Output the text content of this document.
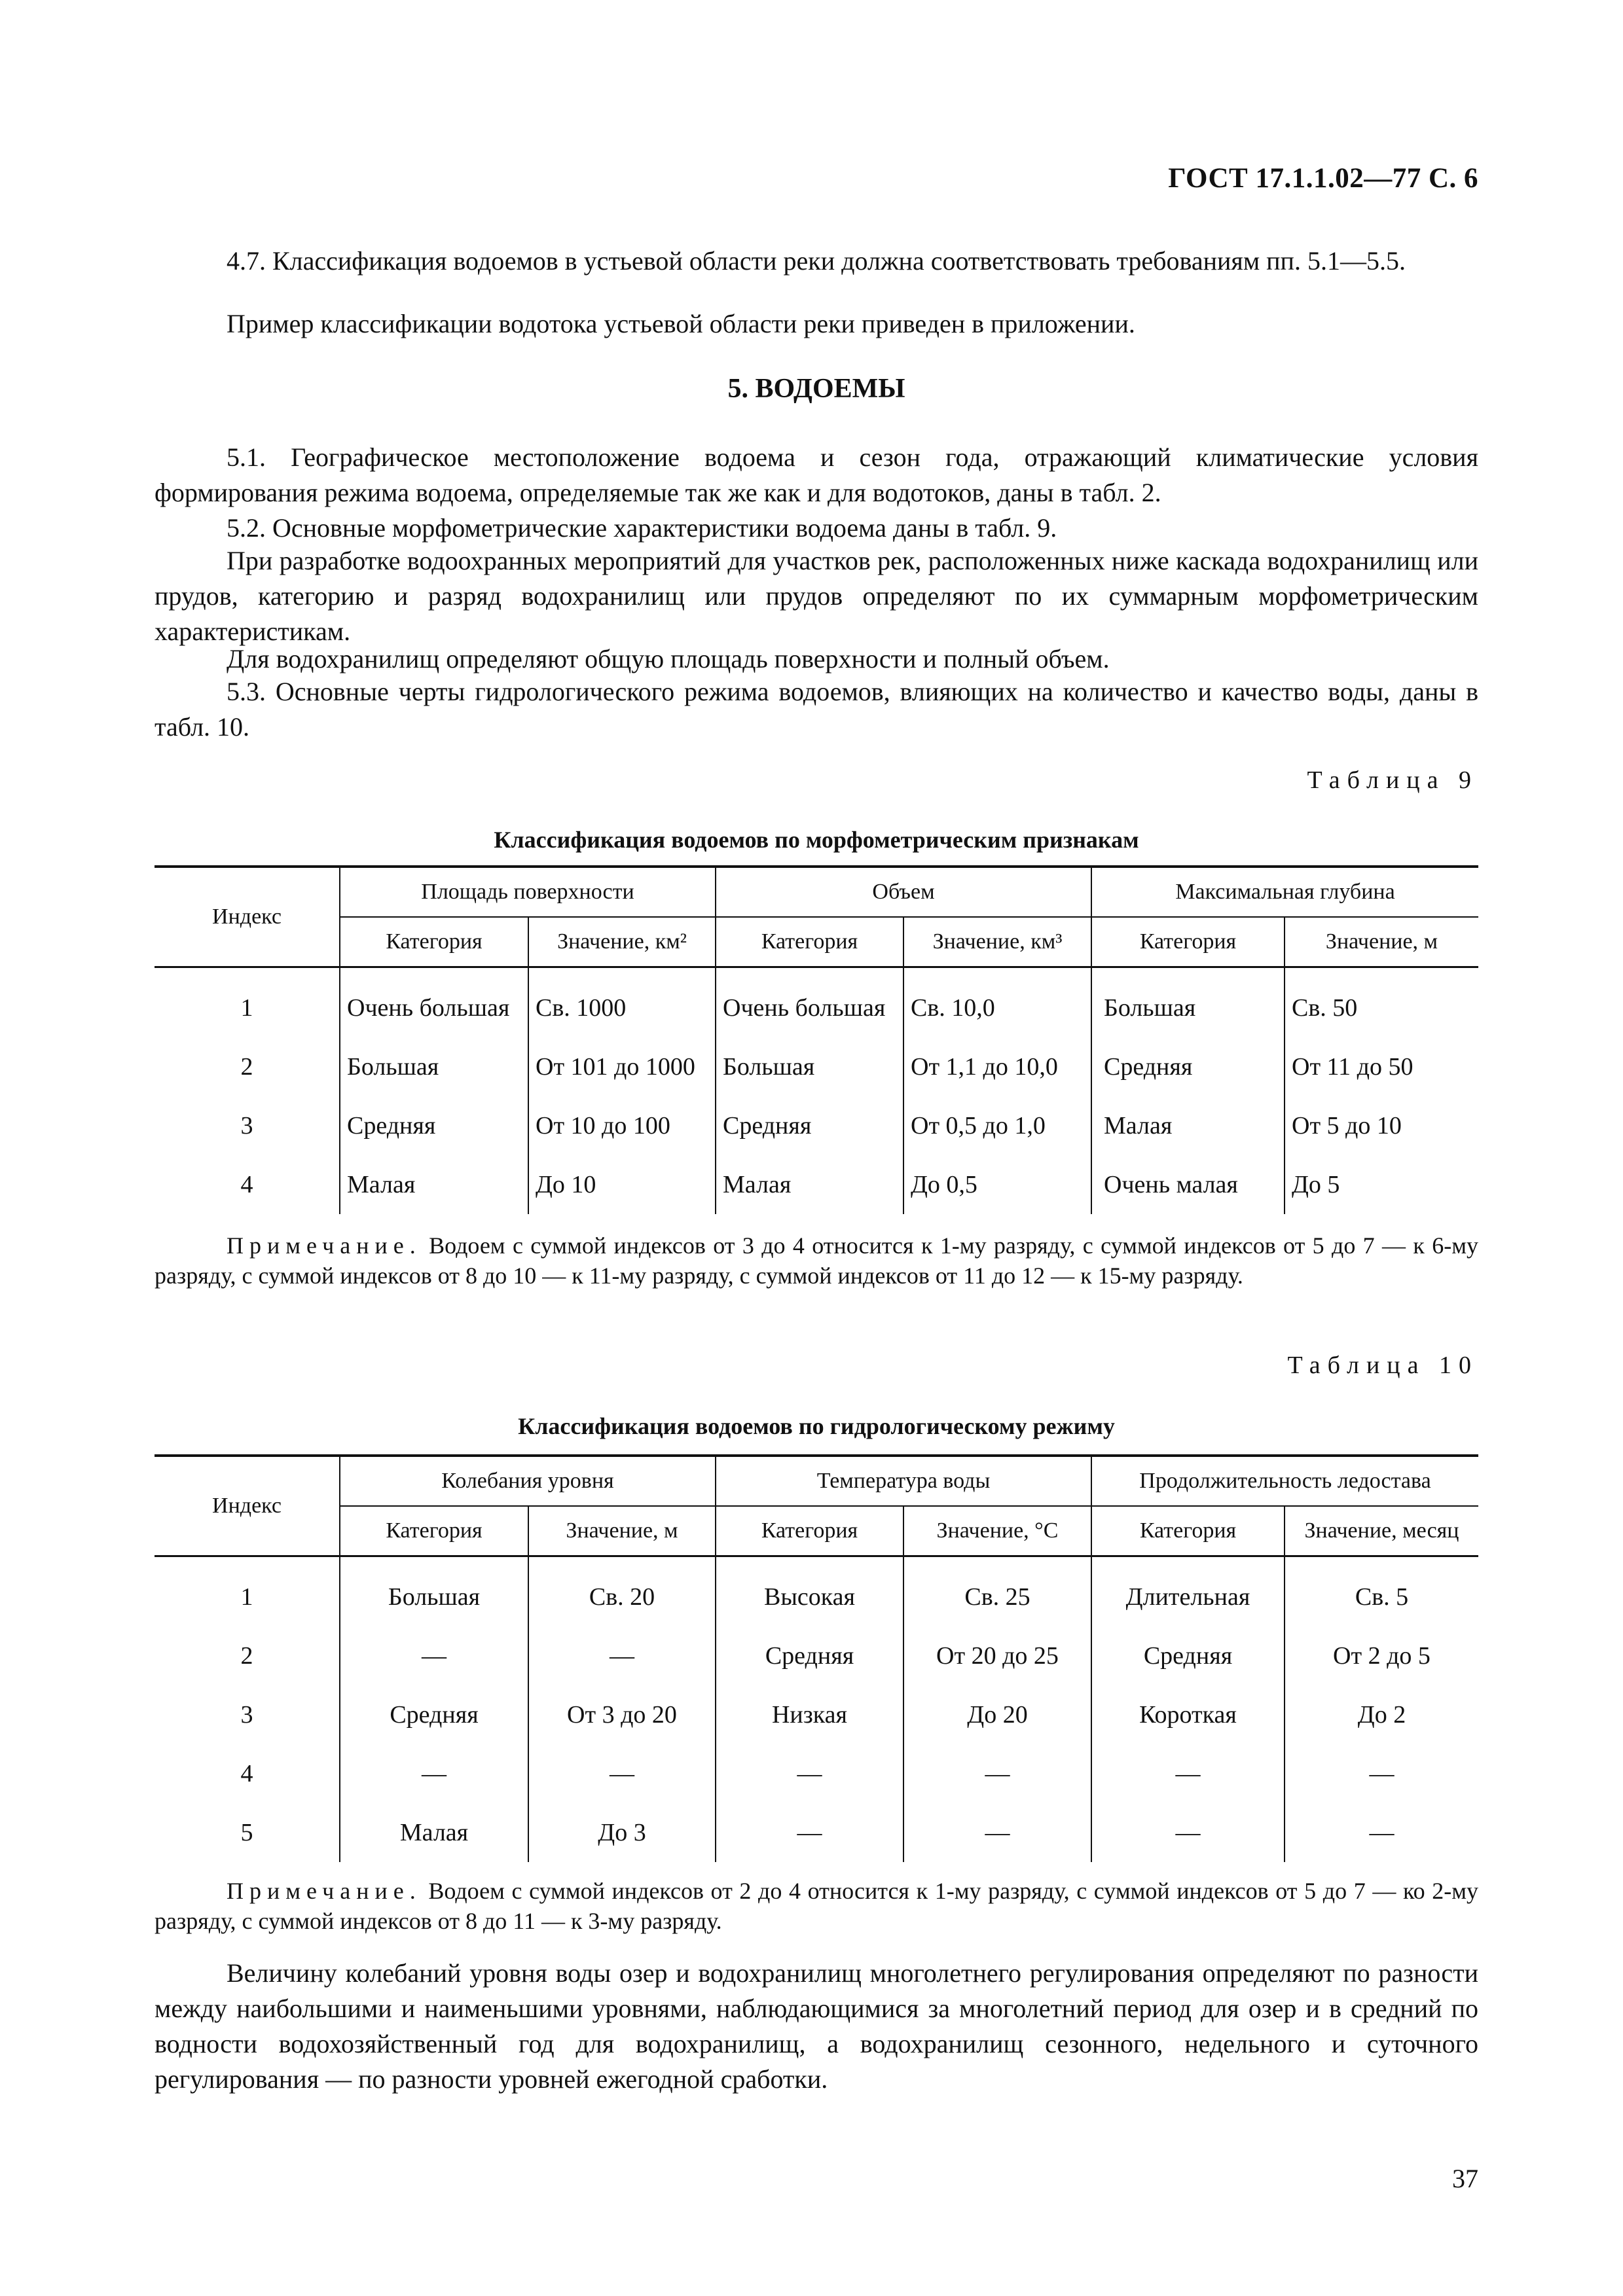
ГОСТ 17.1.1.02—77 С. 6
4.7. Классификация водоемов в устьевой области реки должна соответствовать требованиям пп. 5.1—5.5.
Пример классификации водотока устьевой области реки приведен в приложении.
5. ВОДОЕМЫ
5.1. Географическое местоположение водоема и сезон года, отражающий климатические условия формирования режима водоема, определяемые так же как и для водотоков, даны в табл. 2.
5.2. Основные морфометрические характеристики водоема даны в табл. 9.
При разработке водоохранных мероприятий для участков рек, расположенных ниже каскада водохранилищ или прудов, категорию и разряд водохранилищ или прудов определяют по их суммарным морфометрическим характеристикам.
Для водохранилищ определяют общую площадь поверхности и полный объем.
5.3. Основные черты гидрологического режима водоемов, влияющих на количество и качество воды, даны в табл. 10.
Таблица 9
Классификация водоемов по морфометрическим признакам
Индекс	Площадь поверхности		Объем		Максимальная глубина	
	Категория	Значение, км²	Категория	Значение, км³	Категория	Значение, м
1	Очень большая	Св. 1000	Очень большая	Св. 10,0	Большая	Св. 50
2	Большая	От 101 до 1000	Большая	От 1,1 до 10,0	Средняя	От 11 до 50
3	Средняя	От 10 до 100	Средняя	От 0,5 до 1,0	Малая	От 5 до 10
4	Малая	До 10	Малая	До 0,5	Очень малая	До 5
Примечание. Водоем с суммой индексов от 3 до 4 относится к 1-му разряду, с суммой индексов от 5 до 7 — к 6-му разряду, с суммой индексов от 8 до 10 — к 11-му разряду, с суммой индексов от 11 до 12 — к 15-му разряду.
Таблица 10
Классификация водоемов по гидрологическому режиму
Индекс	Колебания уровня		Температура воды		Продолжительность ледостава	
	Категория	Значение, м	Категория	Значение, °С	Категория	Значение, месяц
1	Большая	Св. 20	Высокая	Св. 25	Длительная	Св. 5
2	—	—	Средняя	От 20 до 25	Средняя	От 2 до 5
3	Средняя	От 3 до 20	Низкая	До 20	Короткая	До 2
4	—	—	—	—	—	—
5	Малая	До 3	—	—	—	—
Примечание. Водоем с суммой индексов от 2 до 4 относится к 1-му разряду, с суммой индексов от 5 до 7 — ко 2-му разряду, с суммой индексов от 8 до 11 — к 3-му разряду.
Величину колебаний уровня воды озер и водохранилищ многолетнего регулирования определяют по разности между наибольшими и наименьшими уровнями, наблюдающимися за многолетний период для озер и в средний по водности водохозяйственный год для водохранилищ, а водохранилищ сезонного, недельного и суточного регулирования — по разности уровней ежегодной сработки.
37
